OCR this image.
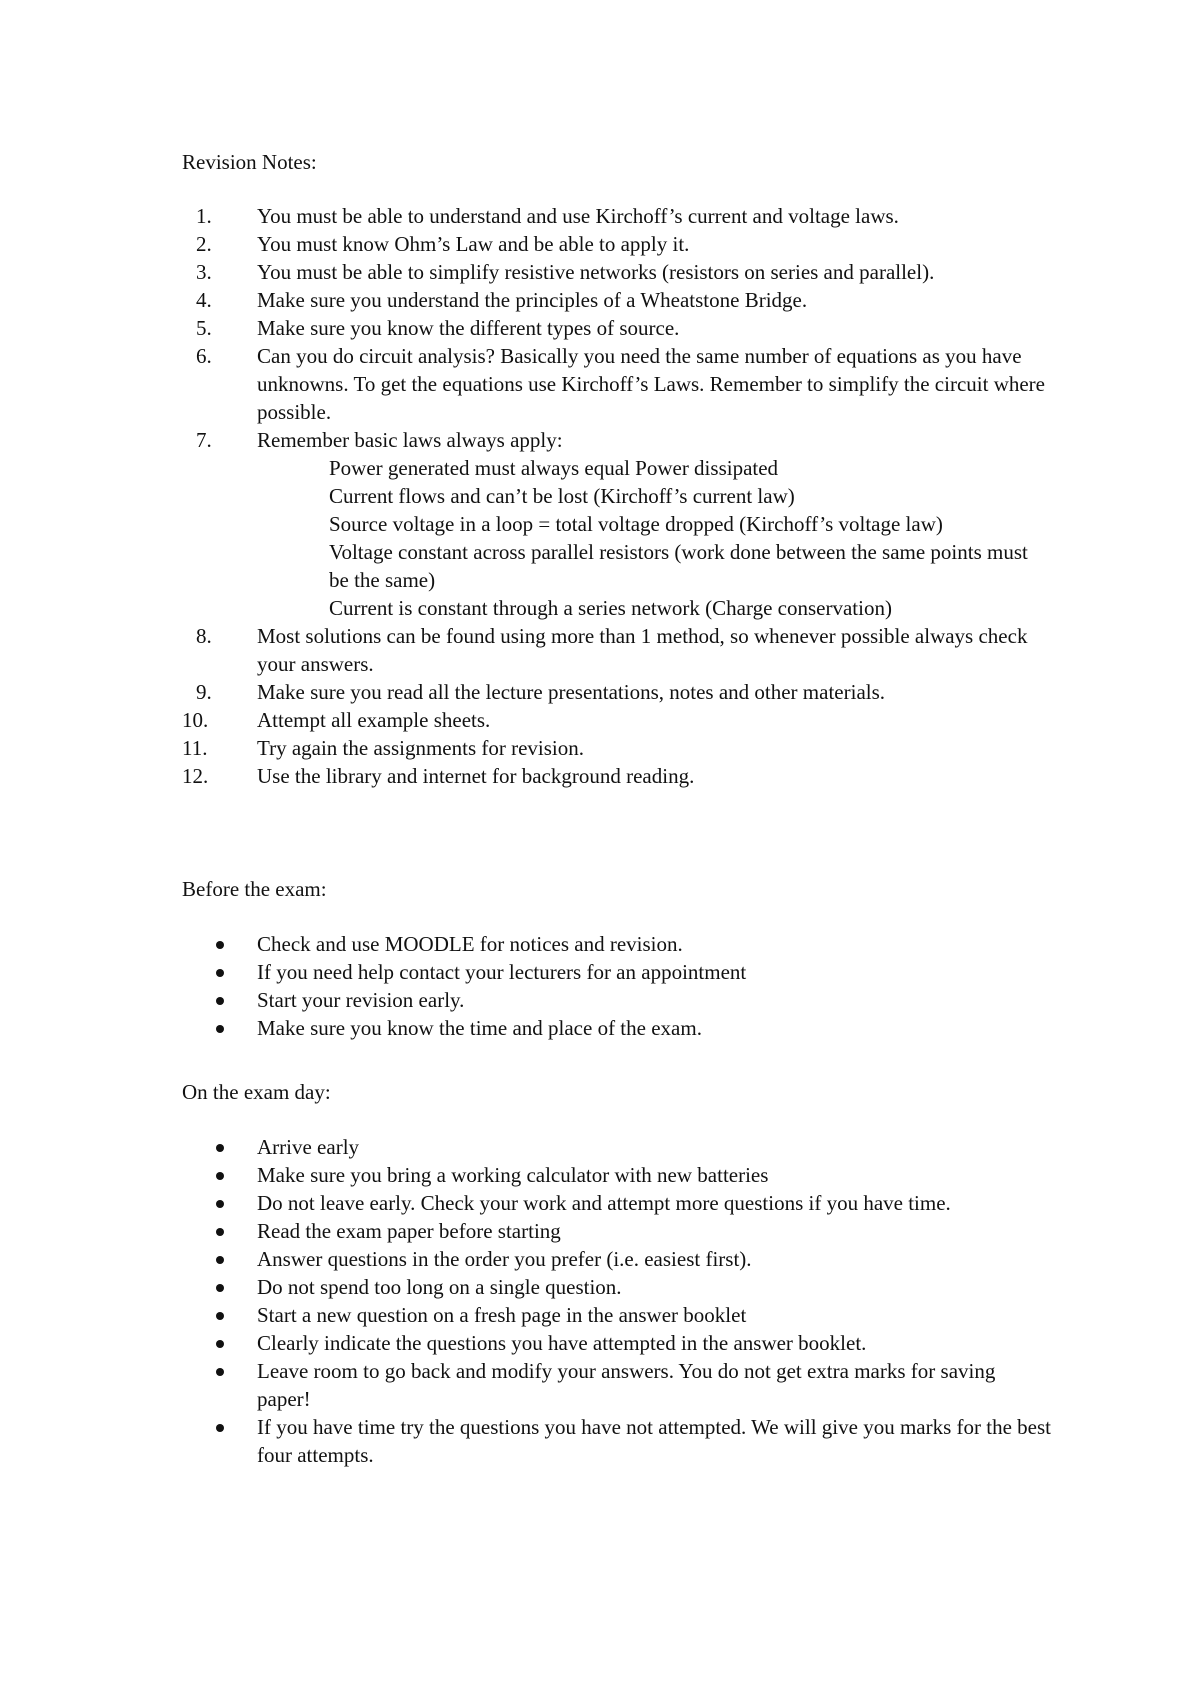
Revision Notes:

1.	You must be able to understand and use Kirchoff’s current and voltage laws.
2.	You must know Ohm’s Law and be able to apply it.
3.	You must be able to simplify resistive networks (resistors on series and parallel).
4.	Make sure you understand the principles of a Wheatstone Bridge.
5.	Make sure you know the different types of source.
6.	Can you do circuit analysis? Basically you need the same number of equations as you have unknowns. To get the equations use Kirchoff’s Laws. Remember to simplify the circuit where possible.
7.	Remember basic laws always apply:
Power generated must always equal Power dissipated
Current flows and can’t be lost (Kirchoff’s current law)
Source voltage in a loop = total voltage dropped (Kirchoff’s voltage law)
Voltage constant across parallel resistors (work done between the same points must be the same)
Current is constant through a series network (Charge conservation)
8.	Most solutions can be found using more than 1 method, so whenever possible always check your answers.
9.	Make sure you read all the lecture presentations, notes and other materials.
10.	Attempt all example sheets.
11.	Try again the assignments for revision.
12.	Use the library and internet for background reading.

Before the exam:

Check and use MOODLE for notices and revision.
If you need help contact your lecturers for an appointment
Start your revision early.
Make sure you know the time and place of the exam.

On the exam day:

Arrive early
Make sure you bring a working calculator with new batteries
Do not leave early. Check your work and attempt more questions if you have time.
Read the exam paper before starting
Answer questions in the order you prefer (i.e. easiest first).
Do not spend too long on a single question.
Start a new question on a fresh page in the answer booklet
Clearly indicate the questions you have attempted in the answer booklet.
Leave room to go back and modify your answers. You do not get extra marks for saving paper!
If you have time try the questions you have not attempted. We will give you marks for the best four attempts.
